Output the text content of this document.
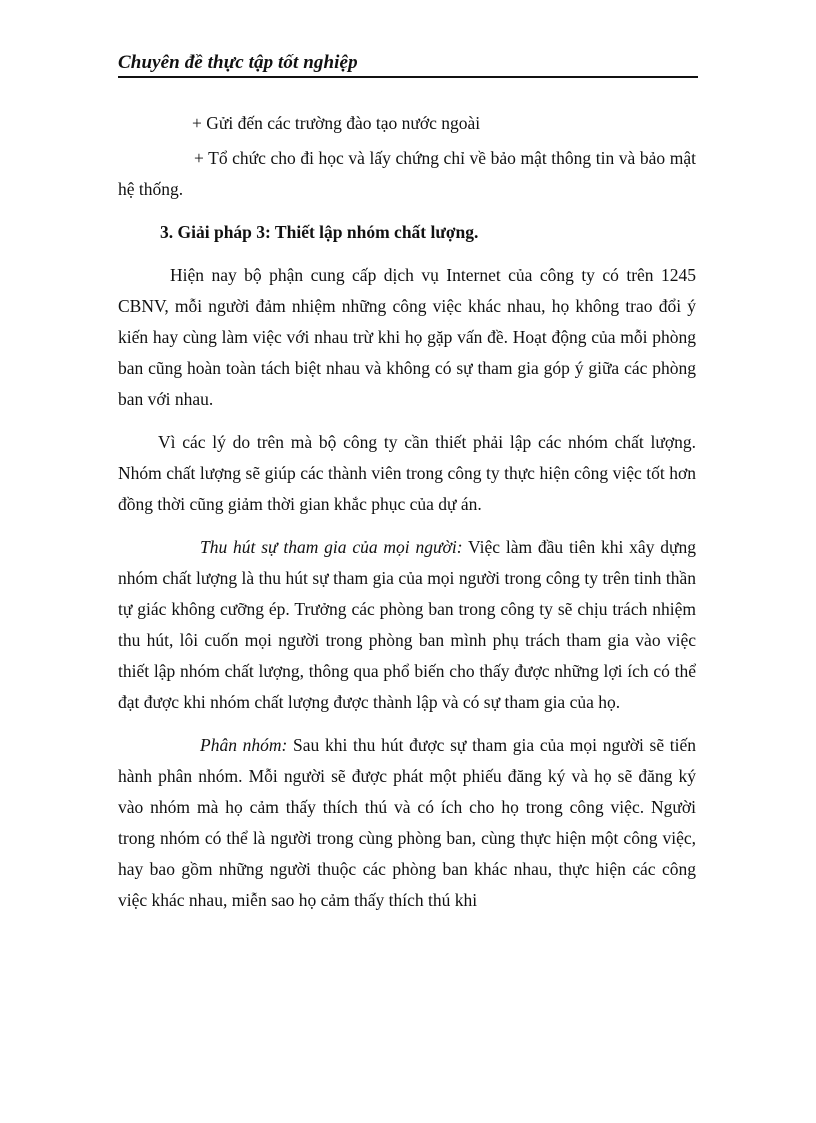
Chuyên đề thực tập tốt nghiệp

+ Gửi đến các trường đào tạo nước ngoài

+ Tổ chức cho đi học và lấy chứng chỉ về bảo mật thông tin và bảo mật hệ thống.

3. Giải pháp 3: Thiết lập nhóm chất lượng.

Hiện nay bộ phận cung cấp dịch vụ Internet của công ty có trên 1245 CBNV, mỗi người đảm nhiệm những công việc khác nhau, họ không trao đổi ý kiến hay cùng làm việc với nhau trừ khi họ gặp vấn đề. Hoạt động của mỗi phòng ban cũng hoàn toàn tách biệt nhau và không có sự tham gia góp ý giữa các phòng ban với nhau.

Vì các lý do trên mà bộ công ty cần thiết phải lập các nhóm chất lượng. Nhóm chất lượng sẽ giúp các thành viên trong công ty thực hiện công việc tốt hơn đồng thời cũng giảm thời gian khắc phục của dự án.

Thu hút sự tham gia của mọi người: Việc làm đầu tiên khi xây dựng nhóm chất lượng là thu hút sự tham gia của mọi người trong công ty trên tinh thần tự giác không cưỡng ép. Trưởng các phòng ban trong công ty sẽ chịu trách nhiệm thu hút, lôi cuốn mọi người trong phòng ban mình phụ trách tham gia vào việc thiết lập nhóm chất lượng, thông qua phổ biến cho thấy được những lợi ích có thể đạt được khi nhóm chất lượng được thành lập và có sự tham gia của họ.

Phân nhóm: Sau khi thu hút được sự tham gia của mọi người sẽ tiến hành phân nhóm. Mỗi người sẽ được phát một phiếu đăng ký và họ sẽ đăng ký vào nhóm mà họ cảm thấy thích thú và có ích cho họ trong công việc. Người trong nhóm có thể là người trong cùng phòng ban, cùng thực hiện một công việc, hay bao gồm những người thuộc các phòng ban khác nhau, thực hiện các công việc khác nhau, miễn sao họ cảm thấy thích thú khi
